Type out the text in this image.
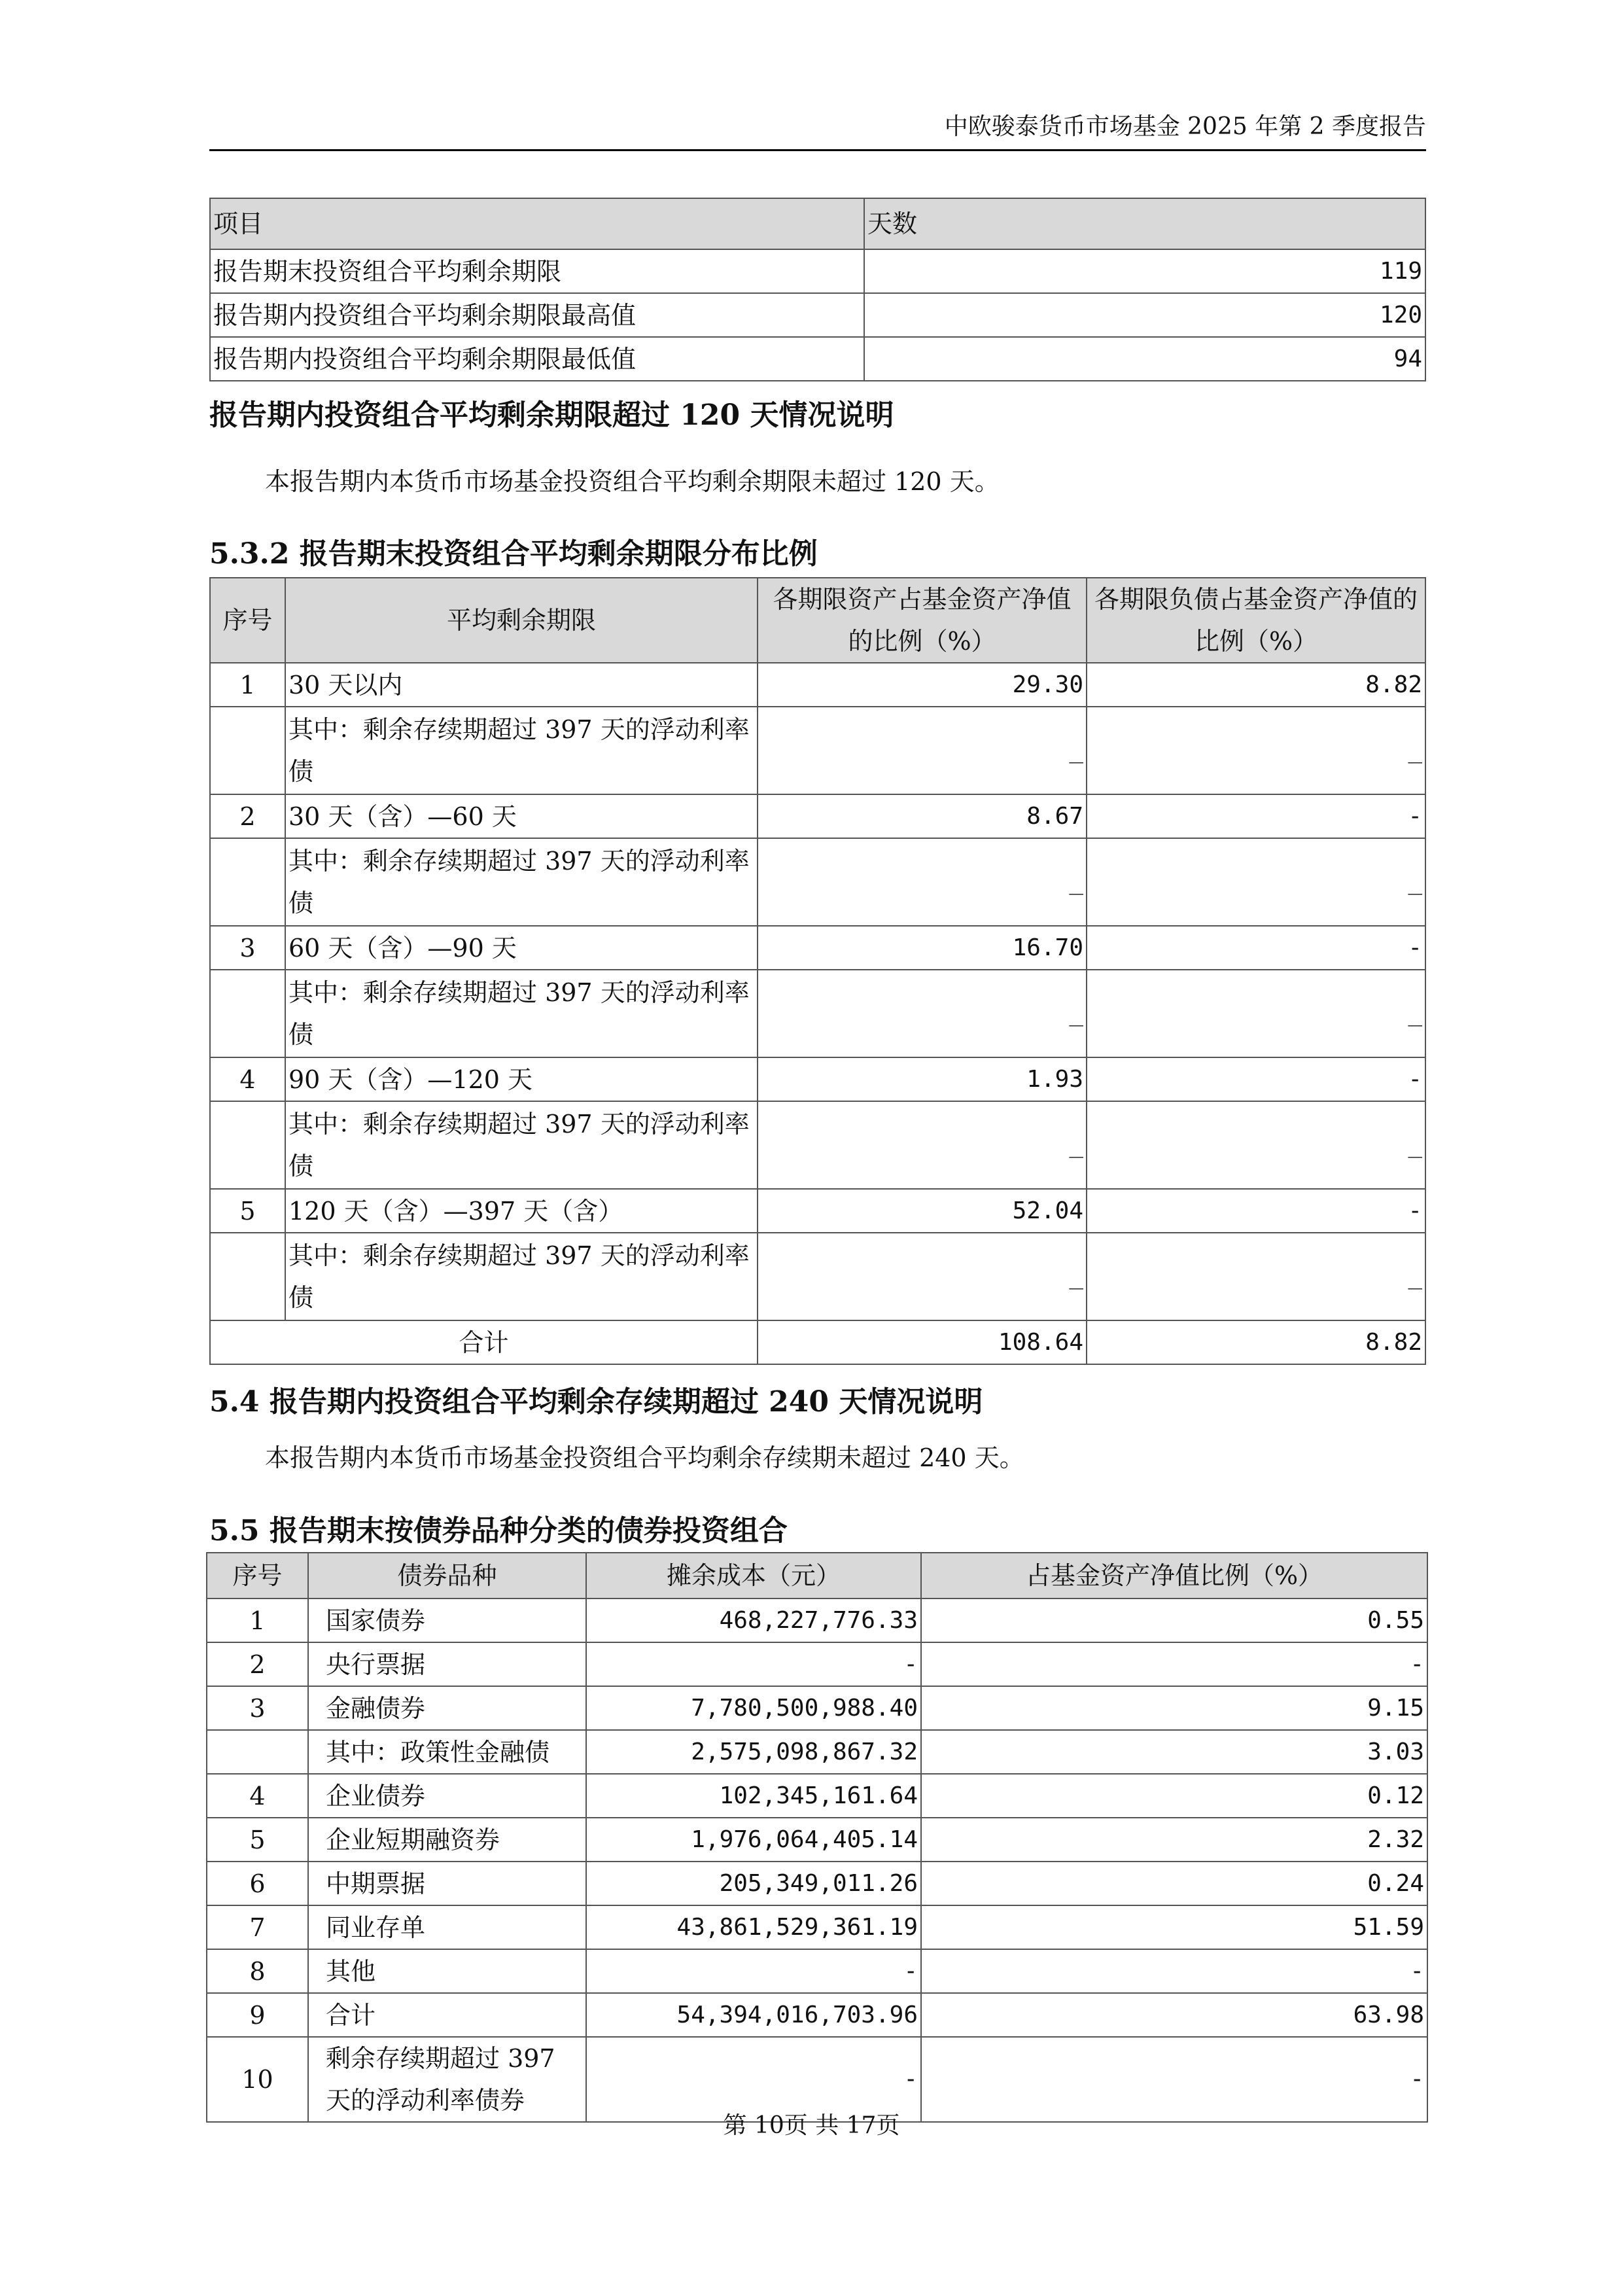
中欧骏泰货币市场基金 2025 年第 2 季度报告
项目	天数
报告期末投资组合平均剩余期限	119
报告期内投资组合平均剩余期限最高值	120
报告期内投资组合平均剩余期限最低值	94
报告期内投资组合平均剩余期限超过 120 天情况说明
本报告期内本货币市场基金投资组合平均剩余期限未超过 120 天。
5.3.2 报告期末投资组合平均剩余期限分布比例
序号	平均剩余期限	各期限资产占基金资产净值的比例（%）	各期限负债占基金资产净值的比例（%）
1	30 天以内	29.30	8.82
	其中：剩余存续期超过 397 天的浮动利率债	_	_
2	30 天（含）—60 天	8.67	-
	其中：剩余存续期超过 397 天的浮动利率债	_	_
3	60 天（含）—90 天	16.70	-
	其中：剩余存续期超过 397 天的浮动利率债	_	_
4	90 天（含）—120 天	1.93	-
	其中：剩余存续期超过 397 天的浮动利率债	_	_
5	120 天（含）—397 天（含）	52.04	-
	其中：剩余存续期超过 397 天的浮动利率债	_	_
合计		108.64	8.82
5.4 报告期内投资组合平均剩余存续期超过 240 天情况说明
本报告期内本货币市场基金投资组合平均剩余存续期未超过 240 天。
5.5 报告期末按债券品种分类的债券投资组合
序号	债券品种	摊余成本（元）	占基金资产净值比例（%）
1	国家债券	468,227,776.33	0.55
2	央行票据	-	-
3	金融债券	7,780,500,988.40	9.15
	其中：政策性金融债	2,575,098,867.32	3.03
4	企业债券	102,345,161.64	0.12
5	企业短期融资券	1,976,064,405.14	2.32
6	中期票据	205,349,011.26	0.24
7	同业存单	43,861,529,361.19	51.59
8	其他	-	-
9	合计	54,394,016,703.96	63.98
10	剩余存续期超过 397 天的浮动利率债券	-	-
第 10页 共 17页
